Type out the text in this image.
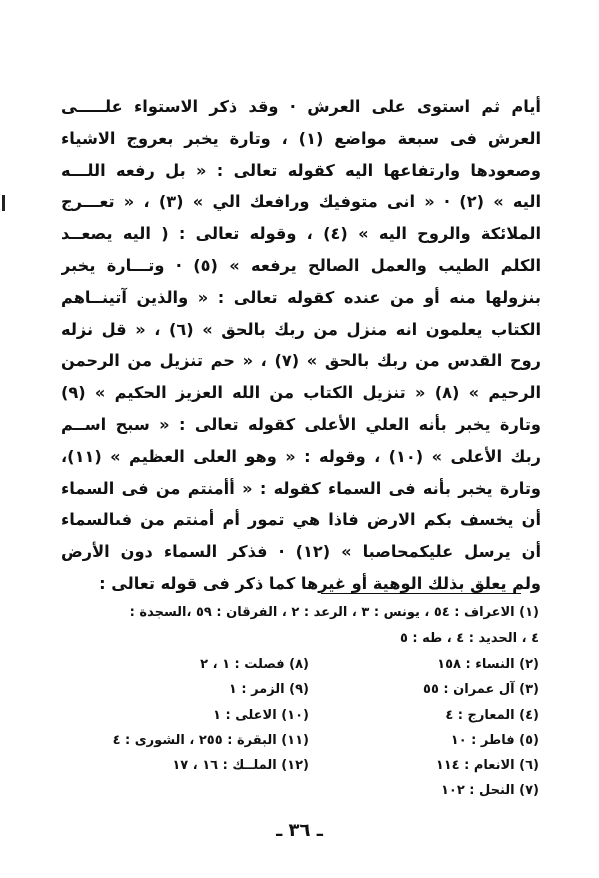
أيام ثم استوى على العرش · وقد ذكر الاستواء علـــــى
العرش فى سبعة مواضع (١) ، وتارة يخبر بعروج الاشياء
وصعودها وارتفاعها اليه كقوله تعالى : « بل رفعه اللـــه
اليه » (٢) · « انى متوفيك ورافعك الي » (٣) ، « تعـــرج
الملائكة والروح اليه » (٤) ، وقوله تعالى : ( اليه يصعــد
الكلم الطيب والعمل الصالح يرفعه » (٥) · وتـــارة يخبر
بنزولها منه أو من عنده كقوله تعالى : « والذين آتينــاهم
الكتاب يعلمون انه منزل من ربك بالحق » (٦) ، « قل نزله
روح القدس من ربك بالحق » (٧) ، « حم تنزيل من الرحمن
الرحيم » (٨) « تنزيل الكتاب من الله العزيز الحكيم » (٩)
وتارة يخبر بأنه العلي الأعلى كقوله تعالى : « سبح اســم
ربك الأعلى » (١٠) ، وقوله : « وهو العلى العظيم » (١١)،
وتارة يخبر بأنه فى السماء كقوله : « أأمنتم من فى السماء
أن يخسف بكم الارض فاذا هي تمور أم أمنتم من فىالسماء
أن يرسل عليكمحاصبا » (١٢) · فذكر السماء دون الأرض
ولم يعلق بذلك الوهية أو غيرها كما ذكر فى قوله تعالى :
(١) الاعراف : ٥٤ ، يونس : ٣ ، الرعد : ٢ ، الفرقان : ٥٩ ،السجدة :
٤ ، الحديد : ٤ ، طه : ٥
(٢) النساء : ١٥٨
(٣) آل عمران : ٥٥
(٤) المعارج : ٤
(٥) فاطر : ١٠
(٦) الانعام : ١١٤
(٧) النحل : ١٠٢
(٨) فصلت : ١ ، ٢
(٩) الزمر : ١
(١٠) الاعلى : ١
(١١) البقرة : ٢٥٥ ، الشورى : ٤
(١٢) الملــك : ١٦ ، ١٧
ـ ٣٦ ـ
